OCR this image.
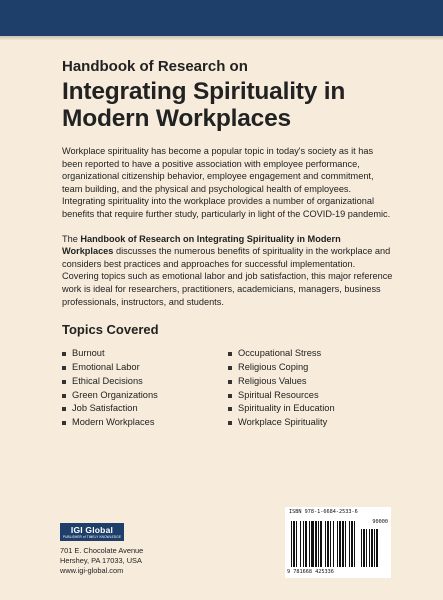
Handbook of Research on

Integrating Spirituality in
Modern Workplaces

Workplace spirituality has become a popular topic in today's society as it has been reported to have a positive association with employee performance, organizational citizenship behavior, employee engagement and commitment, team building, and the physical and psychological health of employees. Integrating spirituality into the workplace provides a number of organizational benefits that require further study, particularly in light of the COVID-19 pandemic.

The Handbook of Research on Integrating Spirituality in Modern Workplaces discusses the numerous benefits of spirituality in the workplace and considers best practices and approaches for successful implementation. Covering topics such as emotional labor and job satisfaction, this major reference work is ideal for researchers, practitioners, academicians, managers, business professionals, instructors, and students.

Topics Covered
Burnout
Emotional Labor
Ethical Decisions
Green Organizations
Job Satisfaction
Modern Workplaces
Occupational Stress
Religious Coping
Religious Values
Spiritual Resources
Spirituality in Education
Workplace Spirituality
IGI Global
PUBLISHER of TIMELY KNOWLEDGE
701 E. Chocolate Avenue
Hershey, PA 17033, USA
www.igi-global.com
ISBN 978-1-6684-2533-6
90000
9 781668 425336
